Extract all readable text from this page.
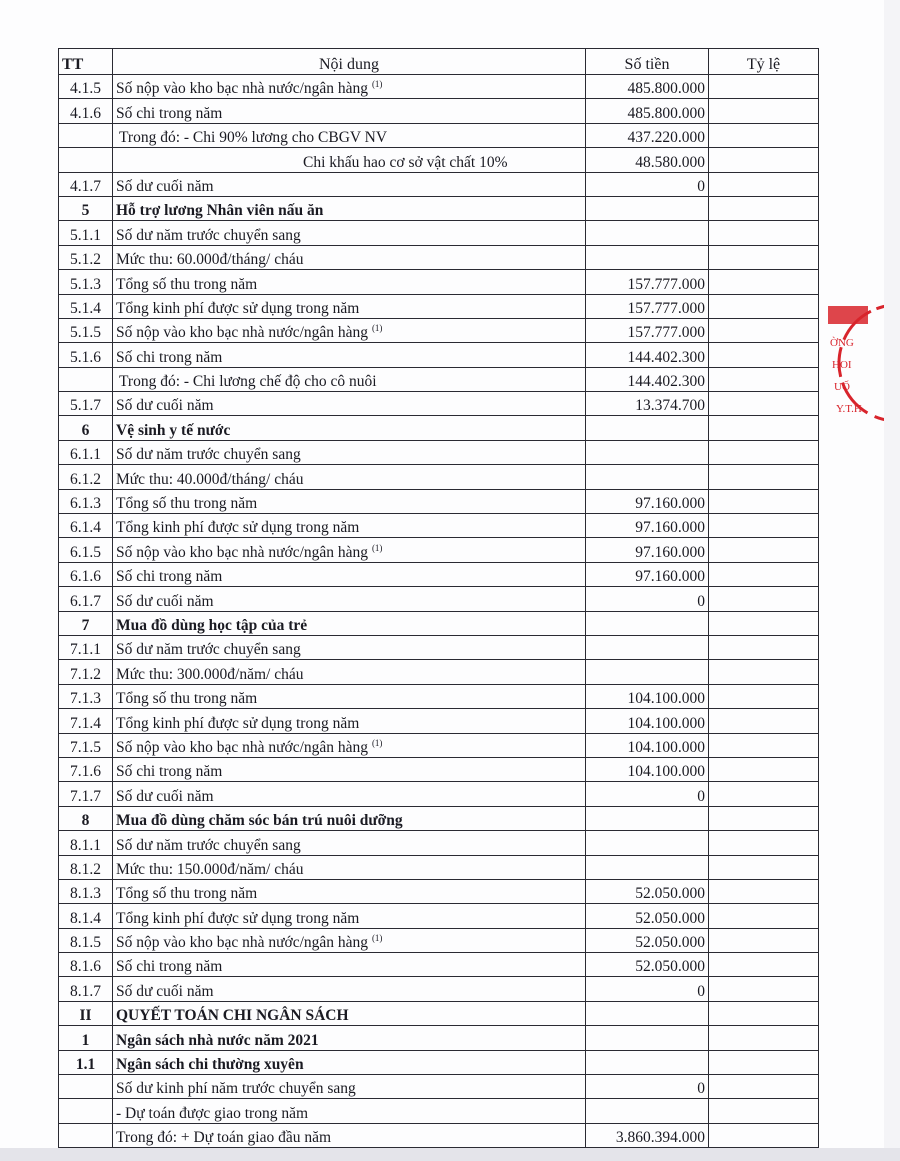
TT	Nội dung	Số tiền	Tỷ lệ
4.1.5	Số nộp vào kho bạc nhà nước/ngân hàng $^{(1)}$	485.800.000	
4.1.6	Số chi trong năm	485.800.000	
	Trong đó: - Chi 90% lương cho CBGV NV	437.220.000	
	Chi khấu hao cơ sở vật chất 10%	48.580.000	
4.1.7	Số dư cuối năm	0	
5	Hỗ trợ lương Nhân viên nấu ăn		
5.1.1	Số dư năm trước chuyển sang		
5.1.2	Mức thu: 60.000đ/tháng/ cháu		
5.1.3	Tổng số thu trong năm	157.777.000	
5.1.4	Tổng kinh phí được sử dụng trong năm	157.777.000	
5.1.5	Số nộp vào kho bạc nhà nước/ngân hàng $^{(1)}$	157.777.000	
5.1.6	Số chi trong năm	144.402.300	
	Trong đó: - Chi lương chế độ cho cô nuôi	144.402.300	
5.1.7	Số dư cuối năm	13.374.700	
6	Vệ sinh y tế nước		
6.1.1	Số dư năm trước chuyển sang		
6.1.2	Mức thu: 40.000đ/tháng/ cháu		
6.1.3	Tổng số thu trong năm	97.160.000	
6.1.4	Tổng kinh phí được sử dụng trong năm	97.160.000	
6.1.5	Số nộp vào kho bạc nhà nước/ngân hàng $^{(1)}$	97.160.000	
6.1.6	Số chi trong năm	97.160.000	
6.1.7	Số dư cuối năm	0	
7	Mua đồ dùng học tập của trẻ		
7.1.1	Số dư năm trước chuyển sang		
7.1.2	Mức thu: 300.000đ/năm/ cháu		
7.1.3	Tổng số thu trong năm	104.100.000	
7.1.4	Tổng kinh phí được sử dụng trong năm	104.100.000	
7.1.5	Số nộp vào kho bạc nhà nước/ngân hàng $^{(1)}$	104.100.000	
7.1.6	Số chi trong năm	104.100.000	
7.1.7	Số dư cuối năm	0	
8	Mua đồ dùng chăm sóc bán trú nuôi dưỡng		
8.1.1	Số dư năm trước chuyển sang		
8.1.2	Mức thu: 150.000đ/năm/ cháu		
8.1.3	Tổng số thu trong năm	52.050.000	
8.1.4	Tổng kinh phí được sử dụng trong năm	52.050.000	
8.1.5	Số nộp vào kho bạc nhà nước/ngân hàng $^{(1)}$	52.050.000	
8.1.6	Số chi trong năm	52.050.000	
8.1.7	Số dư cuối năm	0	
II	QUYẾT TOÁN CHI NGÂN SÁCH		
1	Ngân sách nhà nước năm 2021		
1.1	Ngân sách chi thường xuyên		
	Số dư kinh phí năm trước chuyển sang	0	
	- Dự toán được giao trong năm		
	Trong đó: + Dự toán giao đầu năm	3.860.394.000	
ỜNG HOI UỐ Y.T.H
